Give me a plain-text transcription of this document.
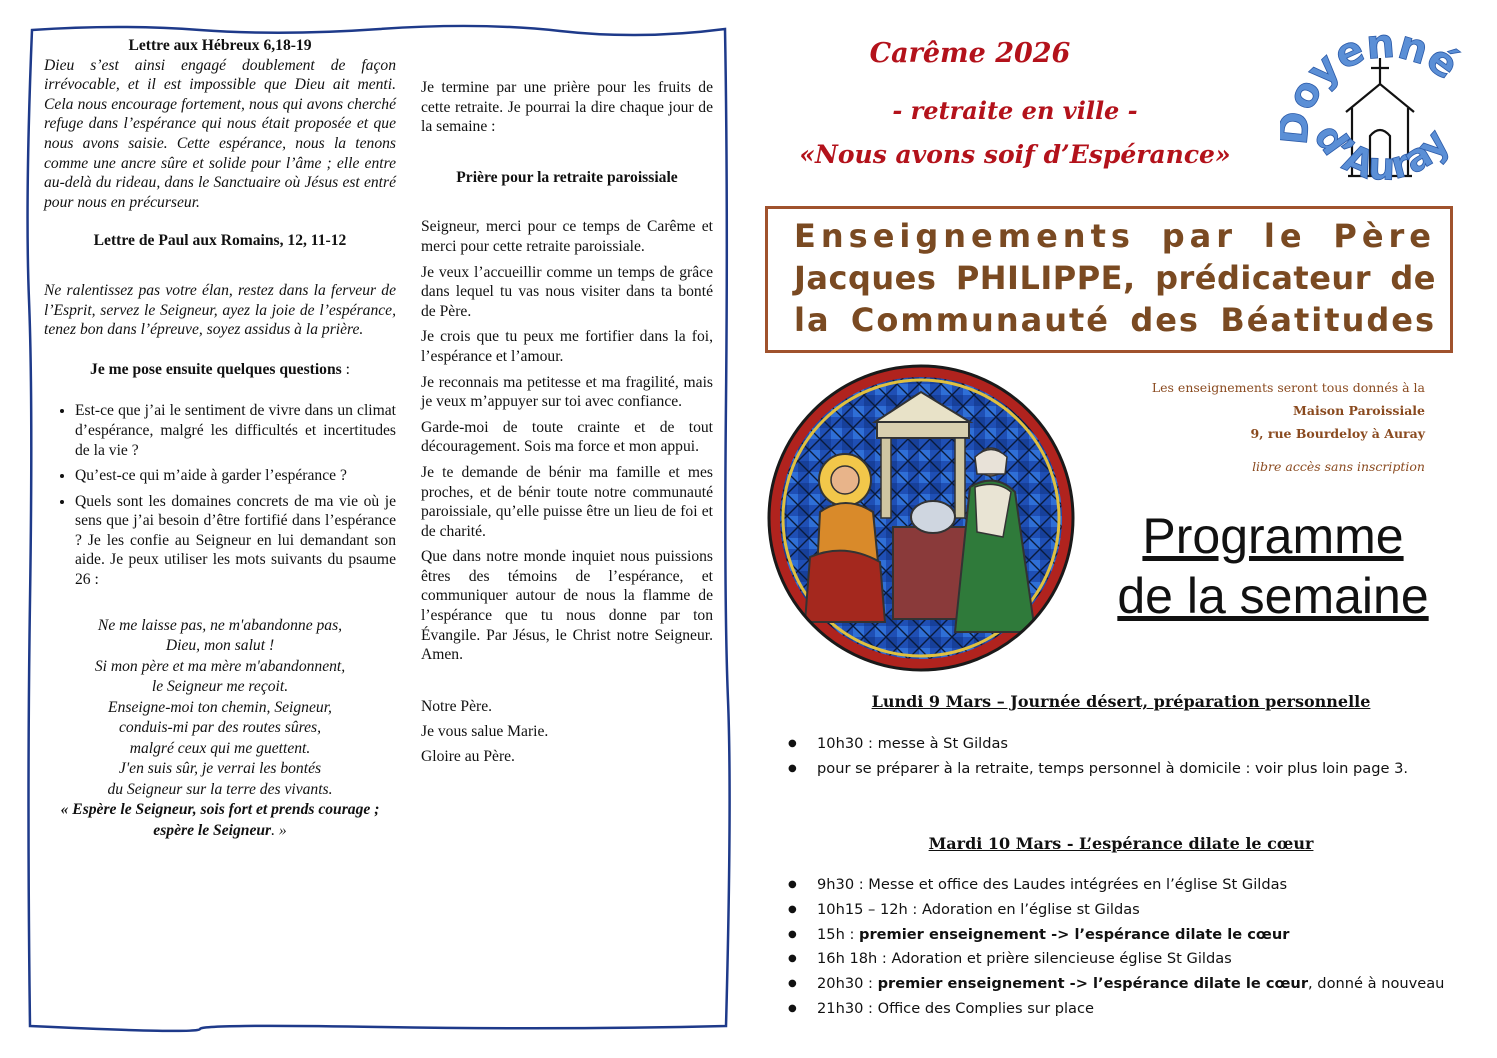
Lettre aux Hébreux 6,18-19

Dieu s’est ainsi engagé doublement de façon irrévocable, et il est impossible que Dieu ait menti. Cela nous encourage fortement, nous qui avons cherché refuge dans l’espérance qui nous était proposée et que nous avons saisie. Cette espérance, nous la tenons comme une ancre sûre et solide pour l’âme ; elle entre au-delà du rideau, dans le Sanctuaire où Jésus est entré pour nous en précurseur.

Lettre de Paul aux Romains, 12, 11-12

Ne ralentissez pas votre élan, restez dans la ferveur de l’Esprit, servez le Seigneur, ayez la joie de l’espérance, tenez bon dans l’épreuve, soyez assidus à la prière.

Je me pose ensuite quelques questions :

• Est-ce que j’ai le sentiment de vivre dans un climat d’espérance, malgré les difficultés et incertitudes de la vie ?
• Qu’est-ce qui m’aide à garder l’espérance ?
• Quels sont les domaines concrets de ma vie où je sens que j’ai besoin d’être fortifié dans l’espérance ? Je les confie au Seigneur en lui demandant son aide. Je peux utiliser les mots suivants du psaume 26 :
Ne me laisse pas, ne m'abandonne pas,
Dieu, mon salut !
Si mon père et ma mère m'abandonnent,
le Seigneur me reçoit.
Enseigne-moi ton chemin, Seigneur,
conduis-mi par des routes sûres,
malgré ceux qui me guettent.
J'en suis sûr, je verrai les bontés
du Seigneur sur la terre des vivants.
« Espère le Seigneur, sois fort et prends courage ; espère le Seigneur. »

Je termine par une prière pour les fruits de cette retraite. Je pourrai la dire chaque jour de la semaine :

Prière pour la retraite paroissiale

Seigneur, merci pour ce temps de Carême et merci pour cette retraite paroissiale.

Je veux l’accueillir comme un temps de grâce dans lequel tu vas nous visiter dans ta bonté de Père.

Je crois que tu peux me fortifier dans la foi, l’espérance et l’amour.

Je reconnais ma petitesse et ma fragilité, mais je veux m’appuyer sur toi avec confiance.

Garde-moi de toute crainte et de tout découragement. Sois ma force et mon appui.

Je te demande de bénir ma famille et mes proches, et de bénir toute notre communauté paroissiale, qu’elle puisse être un lieu de foi et de charité.

Que dans notre monde inquiet nous puissions êtres des témoins de l’espérance, et communiquer autour de nous la flamme de l’espérance que tu nous donne par ton Évangile. Par Jésus, le Christ notre Seigneur. Amen.

Notre Père.
Je vous salue Marie.
Gloire au Père.
Carême 2026
- retraite en ville -
«Nous avons soif d’Espérance»
oyenné
d’Auray
Enseignements par le Père
Jacques PHILIPPE, prédicateur de
la Communauté des Béatitudes
Les enseignements seront tous donnés à la
Maison Paroissiale
9, rue Bourdeloy à Auray
libre accès sans inscription
Programme
de la semaine
Lundi 9 Mars – Journée désert, préparation personnelle
● 10h30 : messe à St Gildas
● pour se préparer à la retraite, temps personnel à domicile : voir plus loin page 3.
Mardi 10 Mars - L’espérance dilate le cœur
● 9h30 : Messe et office des Laudes intégrées en l’église St Gildas
● 10h15 – 12h : Adoration en l’église st Gildas
● 15h : premier enseignement -> l’espérance dilate le cœur
● 16h 18h : Adoration et prière silencieuse église St Gildas
● 20h30 : premier enseignement -> l’espérance dilate le cœur, donné à nouveau
● 21h30 : Office des Complies sur place
